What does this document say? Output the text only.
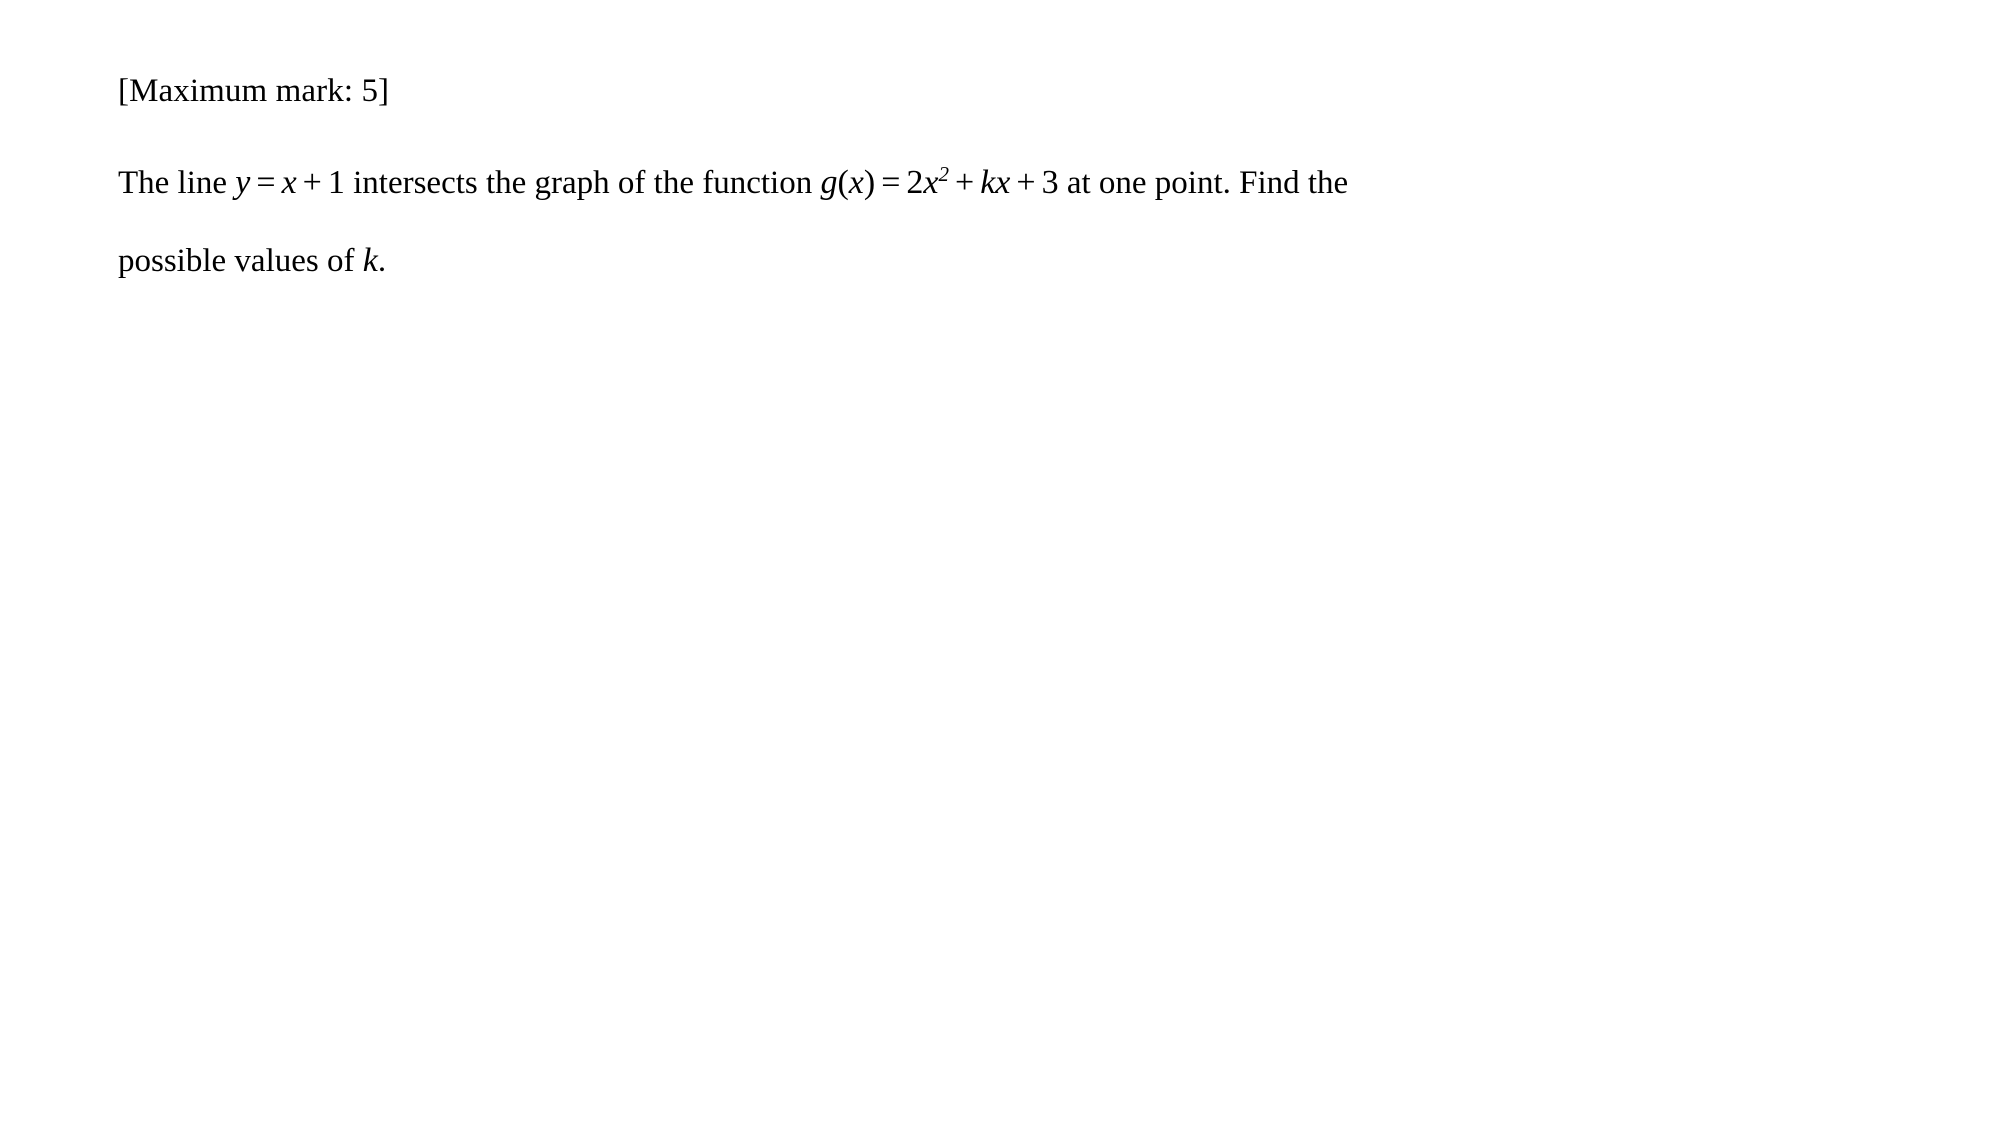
[Maximum mark: 5]

The line y = x + 1 intersects the graph of the function $g(x) = 2x^2$ + kx + 3 at one point. Find the
possible values of k.
